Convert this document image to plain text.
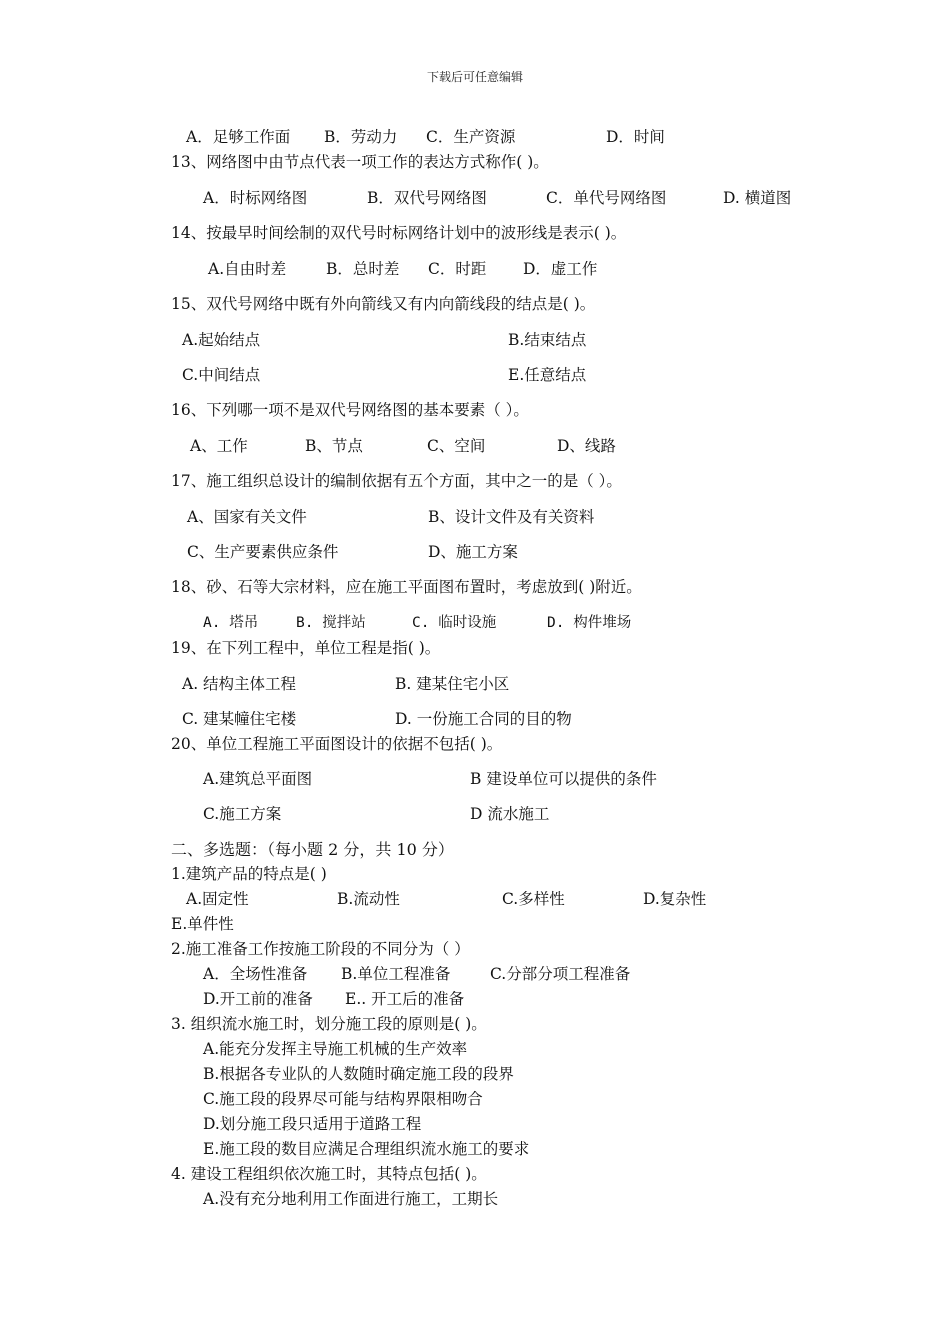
下载后可任意编辑
A．足够工作面 B．劳动力 C．生产资源	D．时间
13、网络图中由节点代表一项工作的表达方式称作( )。
A．时标网络图	B．双代号网络图	C．单代号网络图	D. 横道图
14、按最早时间绘制的双代号时标网络计划中的波形线是表示( )。
A.自由时差	B．总时差 C．时距 D．虚工作
15、双代号网络中既有外向箭线又有内向箭线段的结点是( )。
A.起始结点	B.结束结点
C.中间结点	E.任意结点
16、下列哪一项不是双代号网络图的基本要素（ ）。
A、工作	B、节点	C、空间	D、线路
17、施工组织总设计的编制依据有五个方面，其中之一的是（ ）。
A、国家有关文件	B、设计文件及有关资料
C、生产要素供应条件	D、施工方案
18、砂、石等大宗材料，应在施工平面图布置时，考虑放到( )附近。
A. 塔吊	B. 搅拌站	C. 临时设施	D. 构件堆场
19、在下列工程中，单位工程是指( )。
A. 结构主体工程	B. 建某住宅小区
C. 建某幢住宅楼	D. 一份施工合同的目的物
20、单位工程施工平面图设计的依据不包括( )。
A.建筑总平面图	B 建设单位可以提供的条件
C.施工方案	D 流水施工
二、多选题：（每小题 2 分，共 10 分）
1.建筑产品的特点是( )
A.固定性	B.流动性	C.多样性	D.复杂性
E.单件性
2.施工准备工作按施工阶段的不同分为（ ）
A．全场性准备 B.单位工程准备	C.分部分项工程准备
D.开工前的准备 E.. 开工后的准备
3. 组织流水施工时，划分施工段的原则是( )。
A.能充分发挥主导施工机械的生产效率
B.根据各专业队的人数随时确定施工段的段界
C.施工段的段界尽可能与结构界限相吻合
D.划分施工段只适用于道路工程
E.施工段的数目应满足合理组织流水施工的要求
4. 建设工程组织依次施工时，其特点包括( )。
A.没有充分地利用工作面进行施工，工期长
